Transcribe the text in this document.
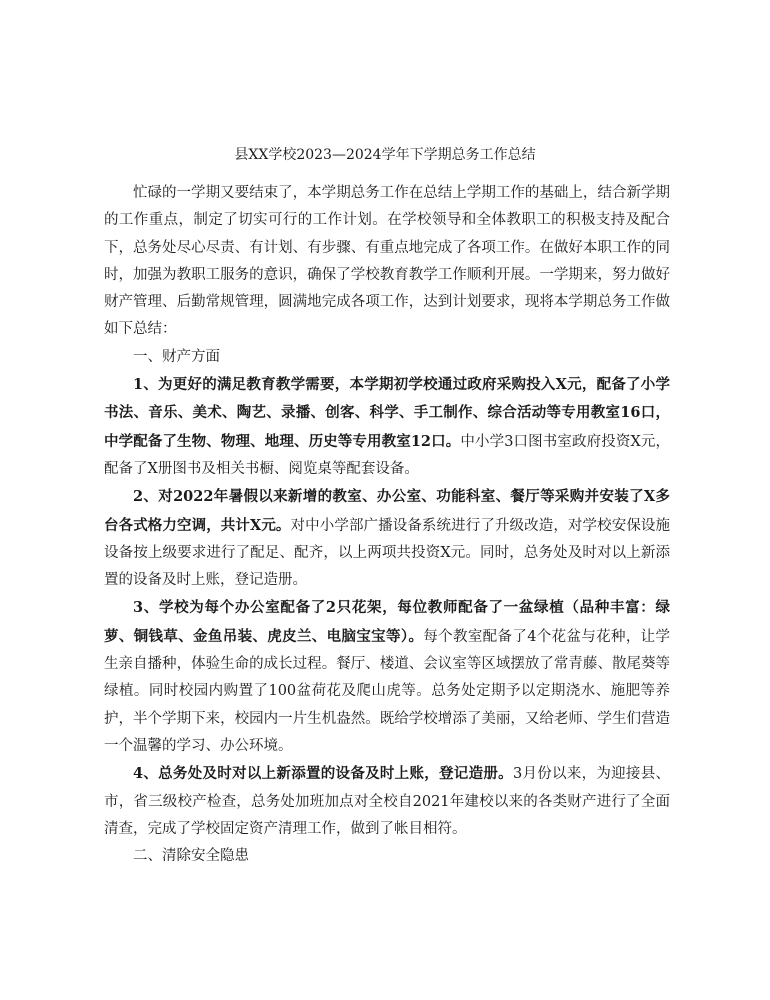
县XX学校2023—2024学年下学期总务工作总结

忙碌的一学期又要结束了，本学期总务工作在总结上学期工作的基础上，结合新学期的工作重点，制定了切实可行的工作计划。在学校领导和全体教职工的积极支持及配合下，总务处尽心尽责、有计划、有步骤、有重点地完成了各项工作。在做好本职工作的同时，加强为教职工服务的意识，确保了学校教育教学工作顺利开展。一学期来，努力做好财产管理、后勤常规管理，圆满地完成各项工作，达到计划要求，现将本学期总务工作做如下总结：

一、财产方面

1、为更好的满足教育教学需要，本学期初学校通过政府采购投入X元，配备了小学书法、音乐、美术、陶艺、录播、创客、科学、手工制作、综合活动等专用教室16口，中学配备了生物、物理、地理、历史等专用教室12口。中小学3口图书室政府投资X元，配备了X册图书及相关书橱、阅览桌等配套设备。

2、对2022年暑假以来新增的教室、办公室、功能科室、餐厅等采购并安装了X多台各式格力空调，共计X元。对中小学部广播设备系统进行了升级改造，对学校安保设施设备按上级要求进行了配足、配齐，以上两项共投资X元。同时，总务处及时对以上新添置的设备及时上账，登记造册。

3、学校为每个办公室配备了2只花架，每位教师配备了一盆绿植（品种丰富：绿萝、铜钱草、金鱼吊装、虎皮兰、电脑宝宝等）。每个教室配备了4个花盆与花种，让学生亲自播种，体验生命的成长过程。餐厅、楼道、会议室等区域摆放了常青藤、散尾葵等绿植。同时校园内购置了100盆荷花及爬山虎等。总务处定期予以定期浇水、施肥等养护，半个学期下来，校园内一片生机盎然。既给学校增添了美丽，又给老师、学生们营造一个温馨的学习、办公环境。

4、总务处及时对以上新添置的设备及时上账，登记造册。3月份以来，为迎接县、市，省三级校产检查，总务处加班加点对全校自2021年建校以来的各类财产进行了全面清查，完成了学校固定资产清理工作，做到了帐目相符。

二、清除安全隐患
